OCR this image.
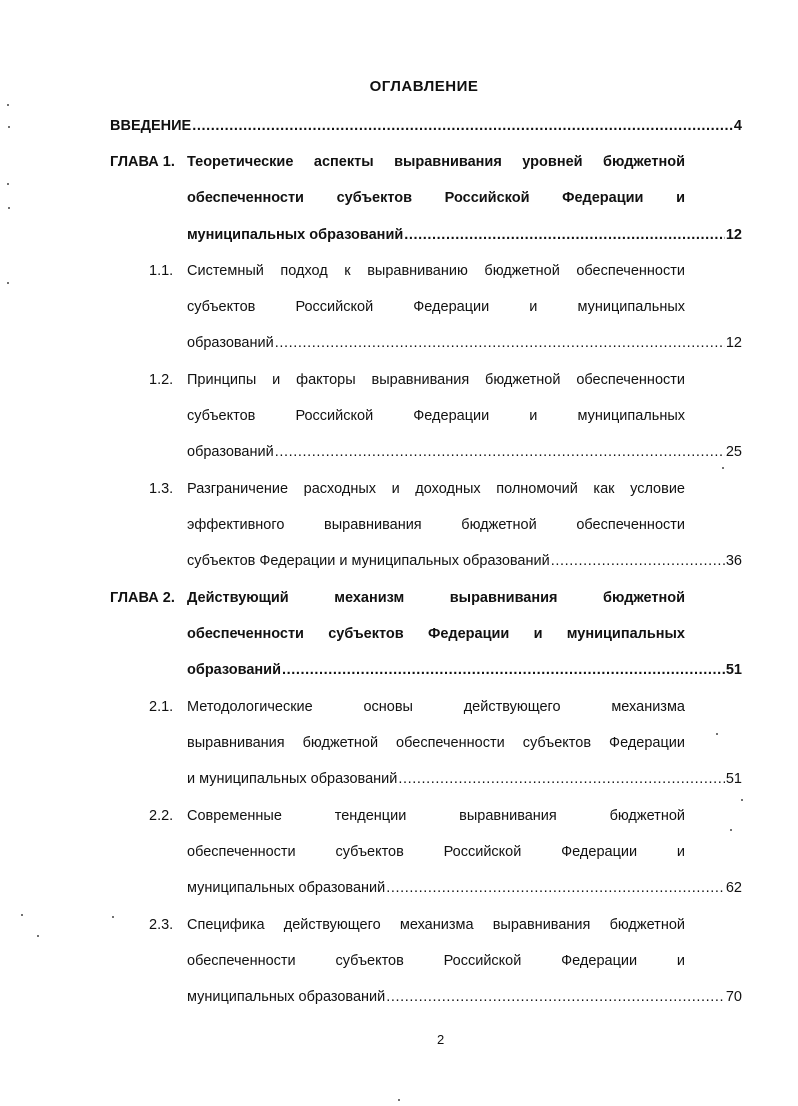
ОГЛАВЛЕНИЕ
ВВЕДЕНИЕ .....	4
ГЛАВА 1. Теоретические аспекты выравнивания уровней бюджетной
обеспеченности субъектов Российской Федерации и
муниципальных образований .....	12
1.1. Системный подход к выравниванию бюджетной обеспеченности
субъектов Российской Федерации и муниципальных
образований .....	12
1.2. Принципы и факторы выравнивания бюджетной обеспеченности
субъектов Российской Федерации и муниципальных
образований .....	25
1.3. Разграничение расходных и доходных полномочий как условие
эффективного выравнивания бюджетной обеспеченности
субъектов Федерации и муниципальных образований .....	36
ГЛАВА 2. Действующий механизм выравнивания бюджетной
обеспеченности субъектов Федерации и муниципальных
образований .....	51
2.1. Методологические основы действующего механизма
выравнивания бюджетной обеспеченности субъектов Федерации
и муниципальных образований .....	51
2.2. Современные тенденции выравнивания бюджетной
обеспеченности субъектов Российской Федерации и
муниципальных образований .....	62
2.3. Специфика действующего механизма выравнивания бюджетной
обеспеченности субъектов Российской Федерации и
муниципальных образований .....	70
2
